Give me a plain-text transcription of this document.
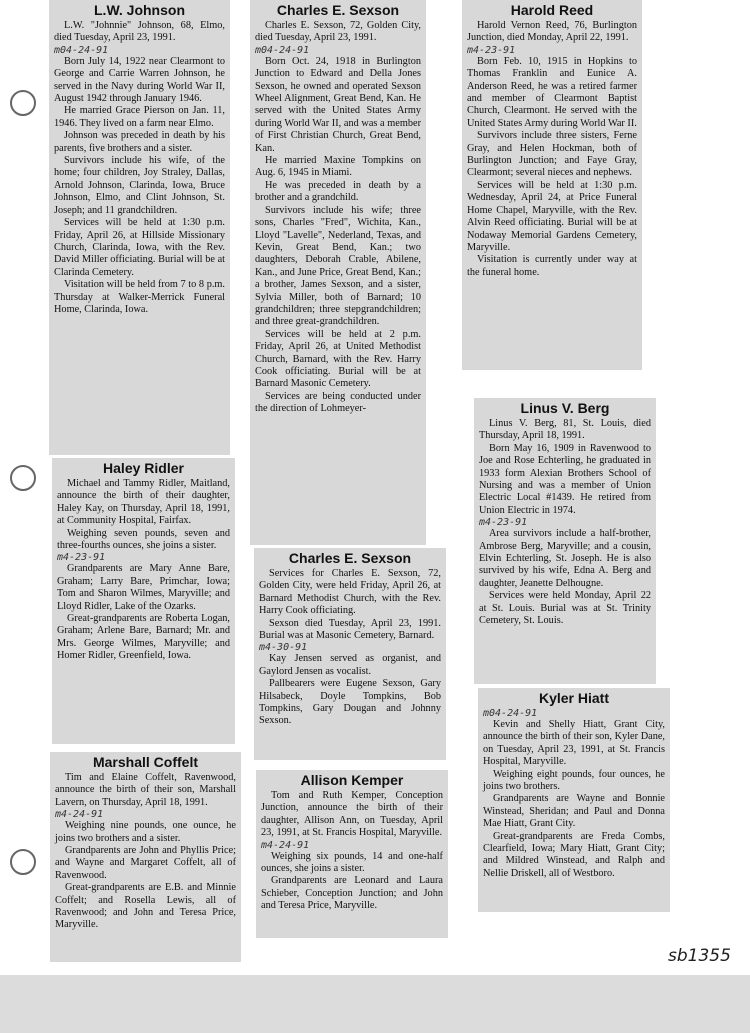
L.W. Johnson

L.W. "Johnnie" Johnson, 68, Elmo, died Tuesday, April 23, 1991.

m04-24-91

Born July 14, 1922 near Clearmont to George and Carrie Warren Johnson, he served in the Navy during World War II, August 1942 through January 1946.

He married Grace Pierson on Jan. 11, 1946. They lived on a farm near Elmo.

Johnson was preceded in death by his parents, five brothers and a sister.

Survivors include his wife, of the home; four children, Joy Straley, Dallas, Arnold Johnson, Clarinda, Iowa, Bruce Johnson, Elmo, and Clint Johnson, St. Joseph; and 11 grandchildren.

Services will be held at 1:30 p.m. Friday, April 26, at Hillside Missionary Church, Clarinda, Iowa, with the Rev. David Miller officiating. Burial will be at Clarinda Cemetery.

Visitation will be held from 7 to 8 p.m. Thursday at Walker-Merrick Funeral Home, Clarinda, Iowa.

Haley Ridler

Michael and Tammy Ridler, Maitland, announce the birth of their daughter, Haley Kay, on Thursday, April 18, 1991, at Community Hospital, Fairfax.

Weighing seven pounds, seven and three-fourths ounces, she joins a sister.

m4-23-91

Grandparents are Mary Anne Bare, Graham; Larry Bare, Primchar, Iowa; Tom and Sharon Wilmes, Maryville; and Lloyd Ridler, Lake of the Ozarks.

Great-grandparents are Roberta Logan, Graham; Arlene Bare, Barnard; Mr. and Mrs. George Wilmes, Maryville; and Homer Ridler, Greenfield, Iowa.

Marshall Coffelt

Tim and Elaine Coffelt, Ravenwood, announce the birth of their son, Marshall Lavern, on Thursday, April 18, 1991.

m4-24-91

Weighing nine pounds, one ounce, he joins two brothers and a sister.

Grandparents are John and Phyllis Price; and Wayne and Margaret Coffelt, all of Ravenwood.

Great-grandparents are E.B. and Minnie Coffelt; and Rosella Lewis, all of Ravenwood; and John and Teresa Price, Maryville.

Charles E. Sexson

Charles E. Sexson, 72, Golden City, died Tuesday, April 23, 1991.

m04-24-91

Born Oct. 24, 1918 in Burlington Junction to Edward and Della Jones Sexson, he owned and operated Sexson Wheel Alignment, Great Bend, Kan. He served with the United States Army during World War II, and was a member of First Christian Church, Great Bend, Kan.

He married Maxine Tompkins on Aug. 6, 1945 in Miami.

He was preceded in death by a brother and a grandchild.

Survivors include his wife; three sons, Charles "Fred", Wichita, Kan., Lloyd "Lavelle", Nederland, Texas, and Kevin, Great Bend, Kan.; two daughters, Deborah Crable, Abilene, Kan., and June Price, Great Bend, Kan.; a brother, James Sexson, and a sister, Sylvia Miller, both of Barnard; 10 grandchildren; three stepgrandchildren; and three great-grandchildren.

Services will be held at 2 p.m. Friday, April 26, at United Methodist Church, Barnard, with the Rev. Harry Cook officiating. Burial will be at Barnard Masonic Cemetery.

Services are being conducted under the direction of Lohmeyer-

Charles E. Sexson

Services for Charles E. Sexson, 72, Golden City, were held Friday, April 26, at Barnard Methodist Church, with the Rev. Harry Cook officiating.

Sexson died Tuesday, April 23, 1991. Burial was at Masonic Cemetery, Barnard.

m4-30-91

Kay Jensen served as organist, and Gaylord Jensen as vocalist.

Pallbearers were Eugene Sexson, Gary Hilsabeck, Doyle Tompkins, Bob Tompkins, Gary Dougan and Johnny Sexson.

Allison Kemper

Tom and Ruth Kemper, Conception Junction, announce the birth of their daughter, Allison Ann, on Tuesday, April 23, 1991, at St. Francis Hospital, Maryville.

m4-24-91

Weighing six pounds, 14 and one-half ounces, she joins a sister.

Grandparents are Leonard and Laura Schieber, Conception Junction; and John and Teresa Price, Maryville.

Harold Reed

Harold Vernon Reed, 76, Burlington Junction, died Monday, April 22, 1991.

m4-23-91

Born Feb. 10, 1915 in Hopkins to Thomas Franklin and Eunice A. Anderson Reed, he was a retired farmer and member of Clearmont Baptist Church, Clearmont. He served with the United States Army during World War II.

Survivors include three sisters, Ferne Gray, and Helen Hockman, both of Burlington Junction; and Faye Gray, Clearmont; several nieces and nephews.

Services will be held at 1:30 p.m. Wednesday, April 24, at Price Funeral Home Chapel, Maryville, with the Rev. Alvin Reed officiating. Burial will be at Nodaway Memorial Gardens Cemetery, Maryville.

Visitation is currently under way at the funeral home.

Linus V. Berg

Linus V. Berg, 81, St. Louis, died Thursday, April 18, 1991.

Born May 16, 1909 in Ravenwood to Joe and Rose Echterling, he graduated in 1933 form Alexian Brothers School of Nursing and was a member of Union Electric Local #1439. He retired from Union Electric in 1974.

m4-23-91

Area survivors include a half-brother, Ambrose Berg, Maryville; and a cousin, Elvin Echterling, St. Joseph. He is also survived by his wife, Edna A. Berg and daughter, Jeanette Delhougne.

Services were held Monday, April 22 at St. Louis. Burial was at St. Trinity Cemetery, St. Louis.

Kyler Hiatt
m04-24-91

Kevin and Shelly Hiatt, Grant City, announce the birth of their son, Kyler Dane, on Tuesday, April 23, 1991, at St. Francis Hospital, Maryville.

Weighing eight pounds, four ounces, he joins two brothers.

Grandparents are Wayne and Bonnie Winstead, Sheridan; and Paul and Donna Mae Hiatt, Grant City.

Great-grandparents are Freda Combs, Clearfield, Iowa; Mary Hiatt, Grant City; and Mildred Winstead, and Ralph and Nellie Driskell, all of Westboro.

sb1355
